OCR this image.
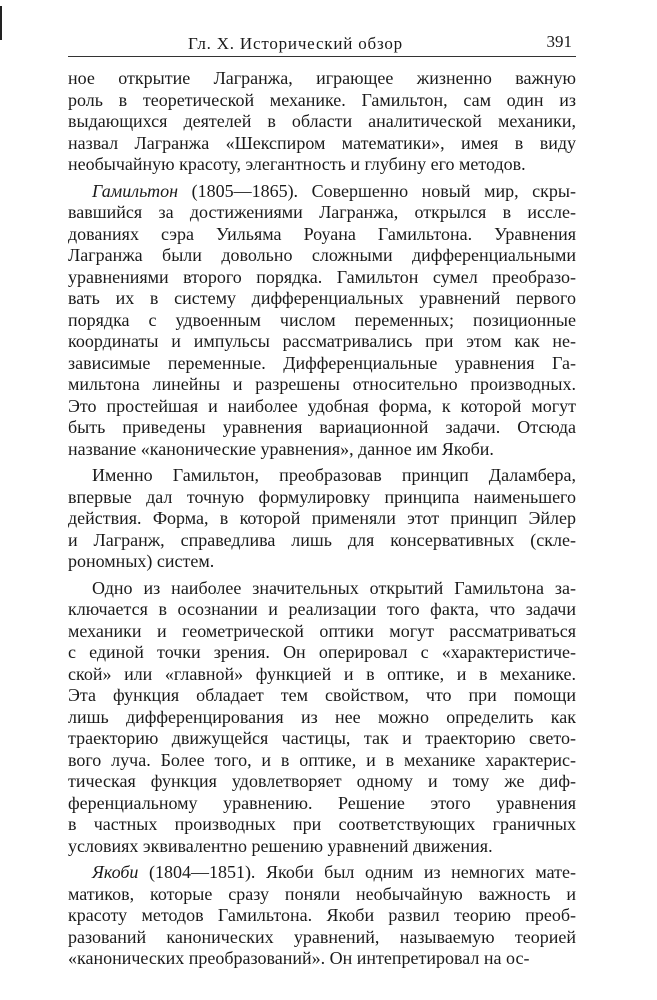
Гл. X. Исторический обзор	391
ное открытие Лагранжа, играющее жизненно важную
роль в теоретической механике. Гамильтон, сам один из
выдающихся деятелей в области аналитической механики,
назвал Лагранжа «Шекспиром математики», имея в виду
необычайную красоту, элегантность и глубину его методов.
Гамильтон (1805—1865). Совершенно новый мир, скры-
вавшийся за достижениями Лагранжа, открылся в иссле-
дованиях сэра Уильяма Роуана Гамильтона. Уравнения
Лагранжа были довольно сложными дифференциальными
уравнениями второго порядка. Гамильтон сумел преобразо-
вать их в систему дифференциальных уравнений первого
порядка с удвоенным числом переменных; позиционные
координаты и импульсы рассматривались при этом как не-
зависимые переменные. Дифференциальные уравнения Га-
мильтона линейны и разрешены относительно производных.
Это простейшая и наиболее удобная форма, к которой могут
быть приведены уравнения вариационной задачи. Отсюда
название «канонические уравнения», данное им Якоби.
Именно Гамильтон, преобразовав принцип Даламбера,
впервые дал точную формулировку принципа наименьшего
действия. Форма, в которой применяли этот принцип Эйлер
и Лагранж, справедлива лишь для консервативных (скле-
рономных) систем.
Одно из наиболее значительных открытий Гамильтона за-
ключается в осознании и реализации того факта, что задачи
механики и геометрической оптики могут рассматриваться
с единой точки зрения. Он оперировал с «характеристиче-
ской» или «главной» функцией и в оптике, и в механике.
Эта функция обладает тем свойством, что при помощи
лишь дифференцирования из нее можно определить как
траекторию движущейся частицы, так и траекторию свето-
вого луча. Более того, и в оптике, и в механике характерис-
тическая функция удовлетворяет одному и тому же диф-
ференциальному уравнению. Решение этого уравнения
в частных производных при соответствующих граничных
условиях эквивалентно решению уравнений движения.
Якоби (1804—1851). Якоби был одним из немногих мате-
матиков, которые сразу поняли необычайную важность и
красоту методов Гамильтона. Якоби развил теорию преоб-
разований канонических уравнений, называемую теорией
«канонических преобразований». Он интепретировал на ос-
